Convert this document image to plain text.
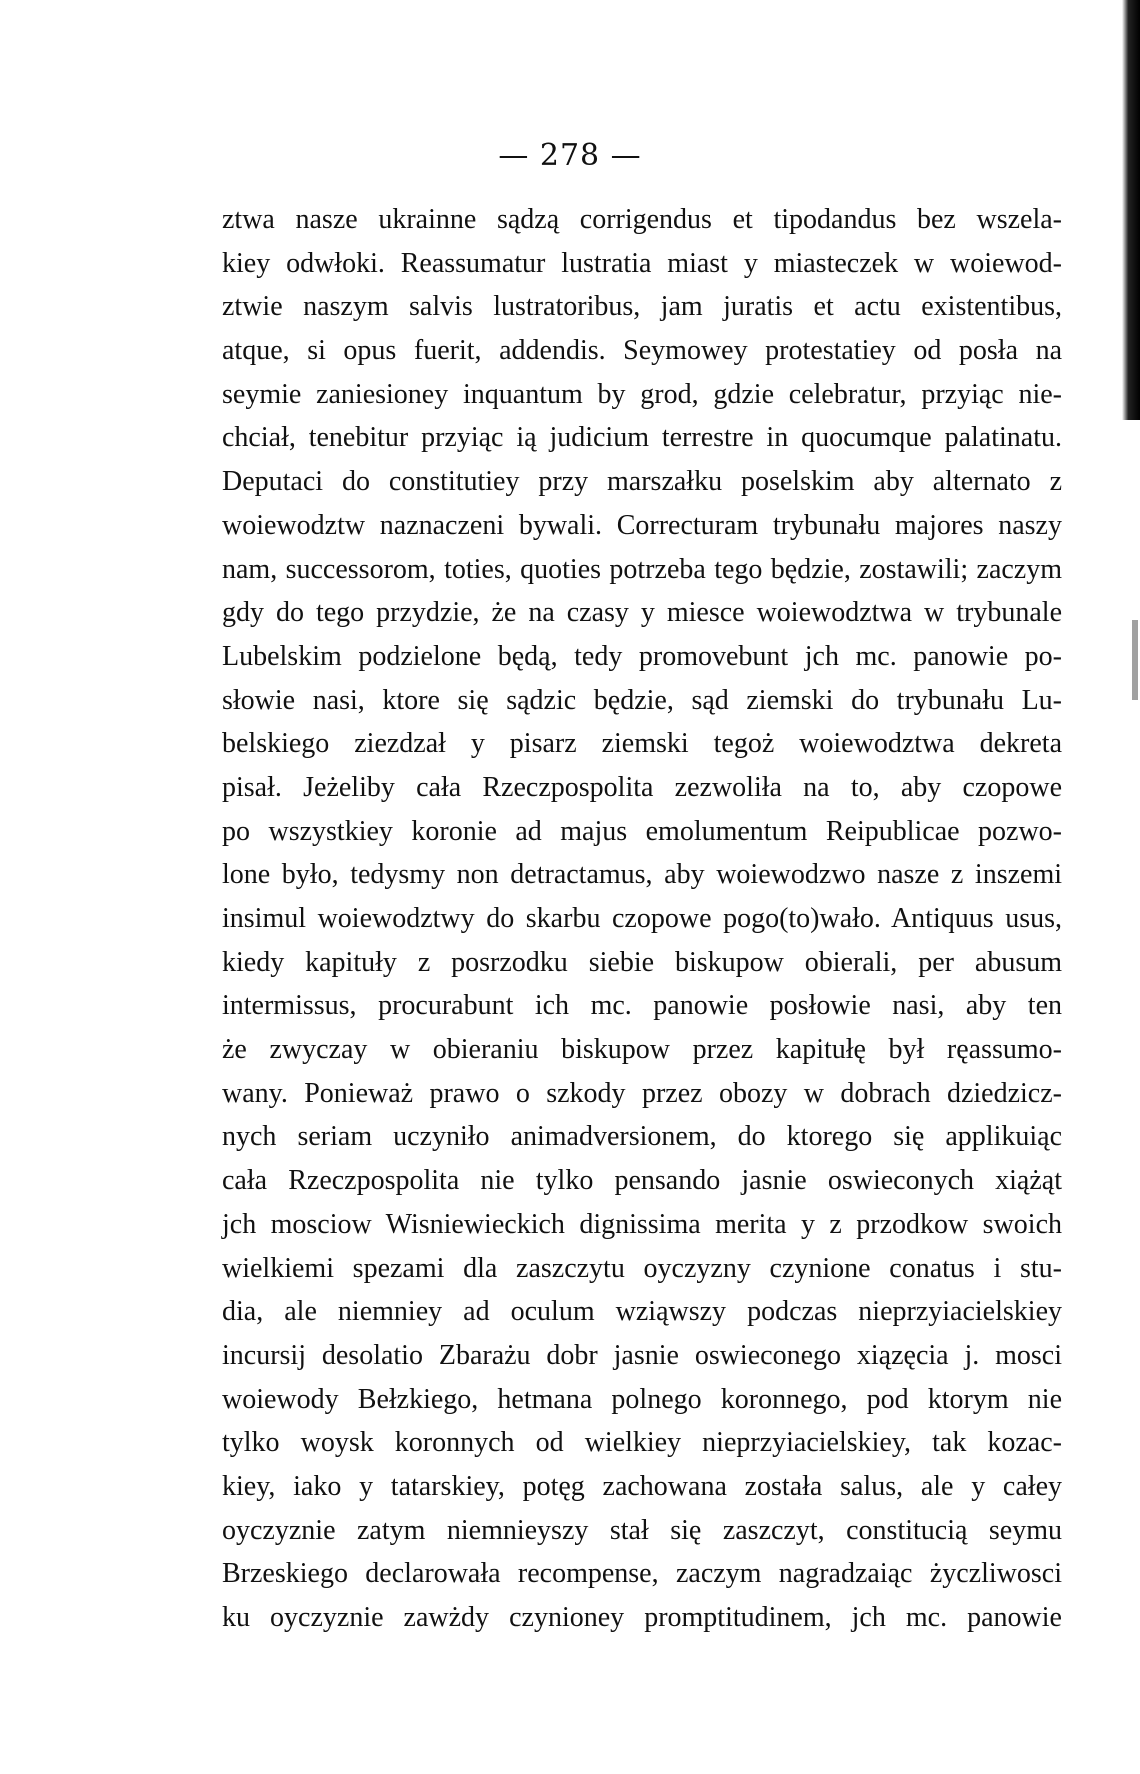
— 278 —
ztwa nasze ukrainne sądzą corrigendus et tipodandus bez wszela-
kiey odwłoki. Reassumatur lustratia miast y miasteczek w woiewod-
ztwie naszym salvis lustratoribus, jam juratis et actu existentibus,
atque, si opus fuerit, addendis. Seymowey protestatiey od posła na
seymie zaniesioney inquantum by grod, gdzie celebratur, przyiąc nie-
chciał, tenebitur przyiąc ią judicium terrestre in quocumque palatinatu.
Deputaci do constitutiey przy marszałku poselskim aby alternato z
woiewodztw naznaczeni bywali. Correcturam trybunału majores naszy
nam, successorom, toties, quoties potrzeba tego będzie, zostawili; zaczym
gdy do tego przydzie, że na czasy y miesce woiewodztwa w trybunale
Lubelskim podzielone będą, tedy promovebunt jch mc. panowie po-
słowie nasi, ktore się sądzic będzie, sąd ziemski do trybunału Lu-
belskiego ziezdzał y pisarz ziemski tegoż woiewodztwa dekreta
pisał. Jeżeliby cała Rzeczpospolita zezwoliła na to, aby czopowe
po wszystkiey koronie ad majus emolumentum Reipublicae pozwo-
lone było, tedysmy non detractamus, aby woiewodzwo nasze z inszemi
insimul woiewodztwy do skarbu czopowe pogo(to)wało. Antiquus usus,
kiedy kapituły z posrzodku siebie biskupow obierali, per abusum
intermissus, procurabunt ich mc. panowie posłowie nasi, aby ten
że zwyczay w obieraniu biskupow przez kapitułę był ręassumo-
wany. Ponieważ prawo o szkody przez obozy w dobrach dziedzicz-
nych seriam uczyniło animadversionem, do ktorego się applikuiąc
cała Rzeczpospolita nie tylko pensando jasnie oswieconych xiążąt
jch mosciow Wisniewieckich dignissima merita y z przodkow swoich
wielkiemi spezami dla zaszczytu oyczyzny czynione conatus i stu-
dia, ale niemniey ad oculum wziąwszy podczas nieprzyiacielskiey
incursij desolatio Zbarażu dobr jasnie oswieconego xiązęcia j. mosci
woiewody Bełzkiego, hetmana polnego koronnego, pod ktorym nie
tylko woysk koronnych od wielkiey nieprzyiacielskiey, tak kozac-
kiey, iako y tatarskiey, potęg zachowana została salus, ale y całey
oyczyznie zatym niemnieyszy stał się zaszczyt, constitucią seymu
Brzeskiego declarowała recompense, zaczym nagradzaiąc życzliwosci
ku oyczyznie zawżdy czynioney promptitudinem, jch mc. panowie
